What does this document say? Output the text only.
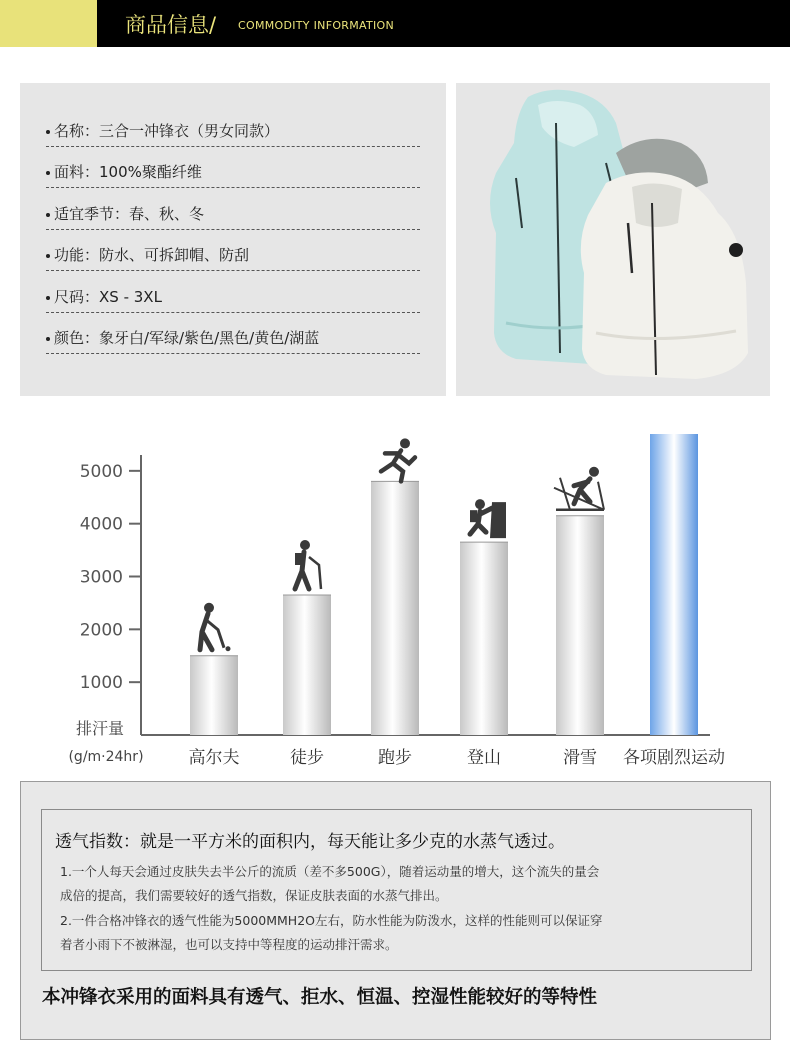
商品信息/ COMMODITY INFORMATION
名称：三合一冲锋衣（男女同款）
面料：100%聚酯纤维
适宜季节：春、秋、冬
功能：防水、可拆卸帽、防刮
尺码：XS - 3XL
颜色：象牙白/军绿/紫色/黑色/黄色/湖蓝
1000
2000
3000
4000
5000
排汗量
(g/m·24hr)	高尔夫	徒步	跑步	登山	滑雪 各项剧烈运动
透气指数：就是一平方米的面积内，每天能让多少克的水蒸气透过。
1.一个人每天会通过皮肤失去半公斤的流质（差不多500G），随着运动量的增大，这个流失的量会
成倍的提高，我们需要较好的透气指数，保证皮肤表面的水蒸气排出。
2.一件合格冲锋衣的透气性能为5000MMH2O左右，防水性能为防泼水，这样的性能则可以保证穿
着者小雨下不被淋湿，也可以支持中等程度的运动排汗需求。
本冲锋衣采用的面料具有透气、拒水、恒温、控湿性能较好的等特性
